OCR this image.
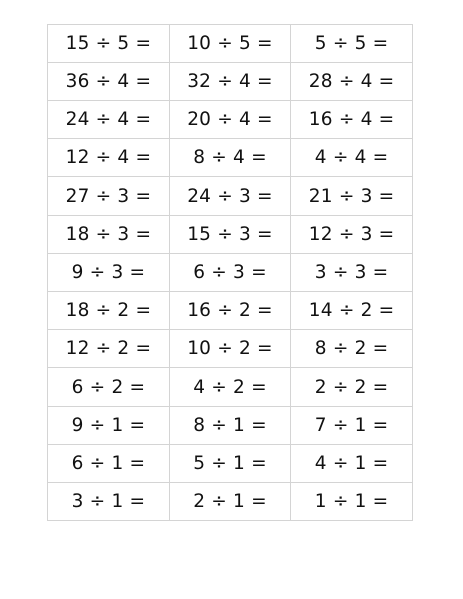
15 ÷ 5 =	10 ÷ 5 =	5 ÷ 5 =
36 ÷ 4 =	32 ÷ 4 =	28 ÷ 4 =
24 ÷ 4 =	20 ÷ 4 =	16 ÷ 4 =
12 ÷ 4 =	8 ÷ 4 =	4 ÷ 4 =
27 ÷ 3 =	24 ÷ 3 =	21 ÷ 3 =
18 ÷ 3 =	15 ÷ 3 =	12 ÷ 3 =
9 ÷ 3 =	6 ÷ 3 =	3 ÷ 3 =
18 ÷ 2 =	16 ÷ 2 =	14 ÷ 2 =
12 ÷ 2 =	10 ÷ 2 =	8 ÷ 2 =
6 ÷ 2 =	4 ÷ 2 =	2 ÷ 2 =
9 ÷ 1 =	8 ÷ 1 =	7 ÷ 1 =
6 ÷ 1 =	5 ÷ 1 =	4 ÷ 1 =
3 ÷ 1 =	2 ÷ 1 =	1 ÷ 1 =
